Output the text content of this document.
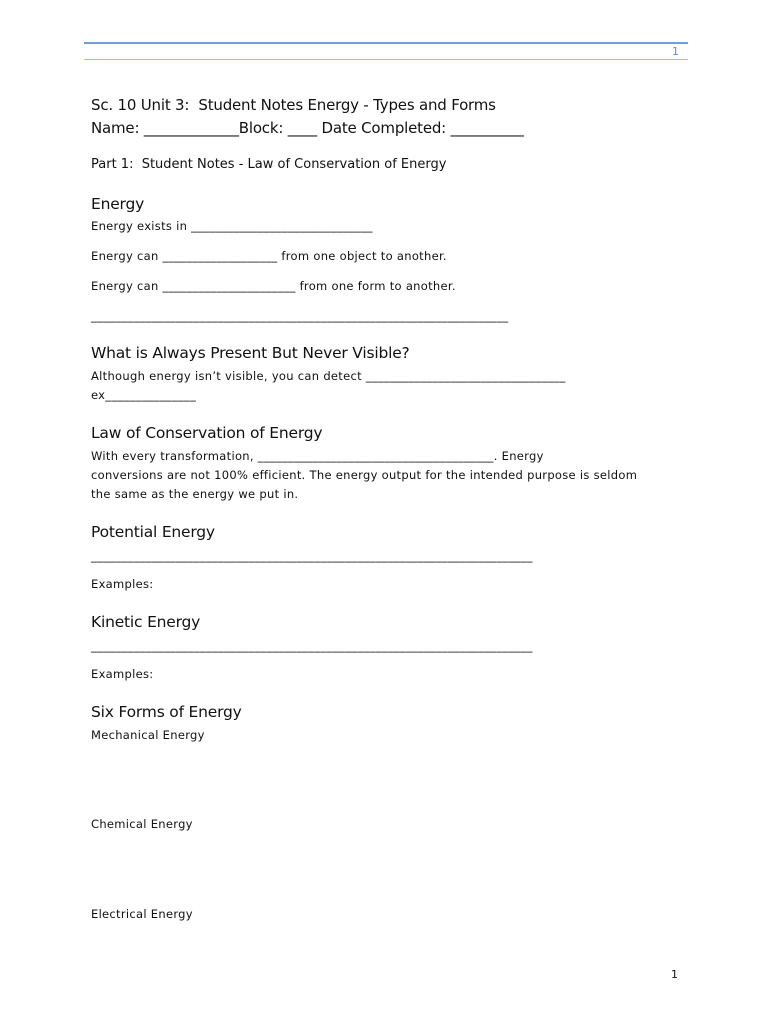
1
Sc. 10 Unit 3:  Student Notes Energy - Types and Forms
Name: _____________Block: ____ Date Completed: __________
Part 1:  Student Notes - Law of Conservation of Energy
Energy
Energy exists in ______________________________
Energy can ___________________ from one object to another.
Energy can ______________________ from one form to another.
_____________________________________________________________________
What is Always Present But Never Visible?
Although energy isn’t visible, you can detect _________________________________
ex_______________
Law of Conservation of Energy
With every transformation, _______________________________________. Energy
conversions are not 100% efficient. The energy output for the intended purpose is seldom
the same as the energy we put in.
Potential Energy
_________________________________________________________________________
Examples:
Kinetic Energy
_________________________________________________________________________
Examples:
Six Forms of Energy
Mechanical Energy
Chemical Energy
Electrical Energy
1
